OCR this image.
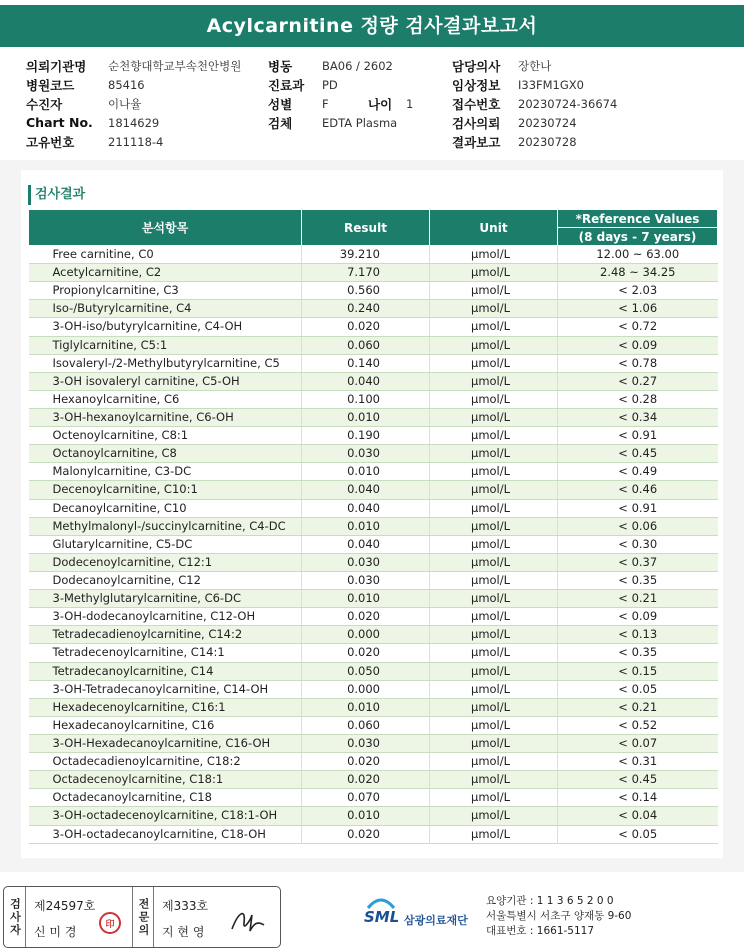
Acylcarnitine 정량 검사결과보고서
의뢰기관명	순천향대학교부속천안병원
병원코드	85416
수진자	이나율
Chart No.	1814629
고유번호	211118-4
병동	BA06 / 2602
진료과	PD
성별	F	나이	1
검체	EDTA Plasma
담당의사	장한나
임상정보	I33FM1GX0
접수번호	20230724-36674
검사의뢰	20230724
결과보고	20230728
검사결과
분석항목	Result	Unit	*Reference Values
			(8 days - 7 years)
Free carnitine, C0	39.210	μmol/L	12.00 ~ 63.00
Acetylcarnitine, C2	7.170	μmol/L	2.48 ~ 34.25
Propionylcarnitine, C3	0.560	μmol/L	< 2.03
Iso-/Butyrylcarnitine, C4	0.240	μmol/L	< 1.06
3-OH-iso/butyrylcarnitine, C4-OH	0.020	μmol/L	< 0.72
Tiglylcarnitine, C5:1	0.060	μmol/L	< 0.09
Isovaleryl-/2-Methylbutyrylcarnitine, C5	0.140	μmol/L	< 0.78
3-OH isovaleryl carnitine, C5-OH	0.040	μmol/L	< 0.27
Hexanoylcarnitine, C6	0.100	μmol/L	< 0.28
3-OH-hexanoylcarnitine, C6-OH	0.010	μmol/L	< 0.34
Octenoylcarnitine, C8:1	0.190	μmol/L	< 0.91
Octanoylcarnitine, C8	0.030	μmol/L	< 0.45
Malonylcarnitine, C3-DC	0.010	μmol/L	< 0.49
Decenoylcarnitine, C10:1	0.040	μmol/L	< 0.46
Decanoylcarnitine, C10	0.040	μmol/L	< 0.91
Methylmalonyl-/succinylcarnitine, C4-DC	0.010	μmol/L	< 0.06
Glutarylcarnitine, C5-DC	0.040	μmol/L	< 0.30
Dodecenoylcarnitine, C12:1	0.030	μmol/L	< 0.37
Dodecanoylcarnitine, C12	0.030	μmol/L	< 0.35
3-Methylglutarylcarnitine, C6-DC	0.010	μmol/L	< 0.21
3-OH-dodecanoylcarnitine, C12-OH	0.020	μmol/L	< 0.09
Tetradecadienoylcarnitine, C14:2	0.000	μmol/L	< 0.13
Tetradecenoylcarnitine, C14:1	0.020	μmol/L	< 0.35
Tetradecanoylcarnitine, C14	0.050	μmol/L	< 0.15
3-OH-Tetradecanoylcarnitine, C14-OH	0.000	μmol/L	< 0.05
Hexadecenoylcarnitine, C16:1	0.010	μmol/L	< 0.21
Hexadecanoylcarnitine, C16	0.060	μmol/L	< 0.52
3-OH-Hexadecanoylcarnitine, C16-OH	0.030	μmol/L	< 0.07
Octadecadienoylcarnitine, C18:2	0.020	μmol/L	< 0.31
Octadecenoylcarnitine, C18:1	0.020	μmol/L	< 0.45
Octadecanoylcarnitine, C18	0.070	μmol/L	< 0.14
3-OH-octadecenoylcarnitine, C18:1-OH	0.010	μmol/L	< 0.04
3-OH-octadecanoylcarnitine, C18-OH	0.020	μmol/L	< 0.05
검사자	제24597호
신 미 경
印	전문의	제333호
지 현 영
SML 삼광의료재단
요양기관 : 1 1 3 6 5 2 0 0
서울특별시 서초구 양재동 9-60
대표번호 : 1661-5117
